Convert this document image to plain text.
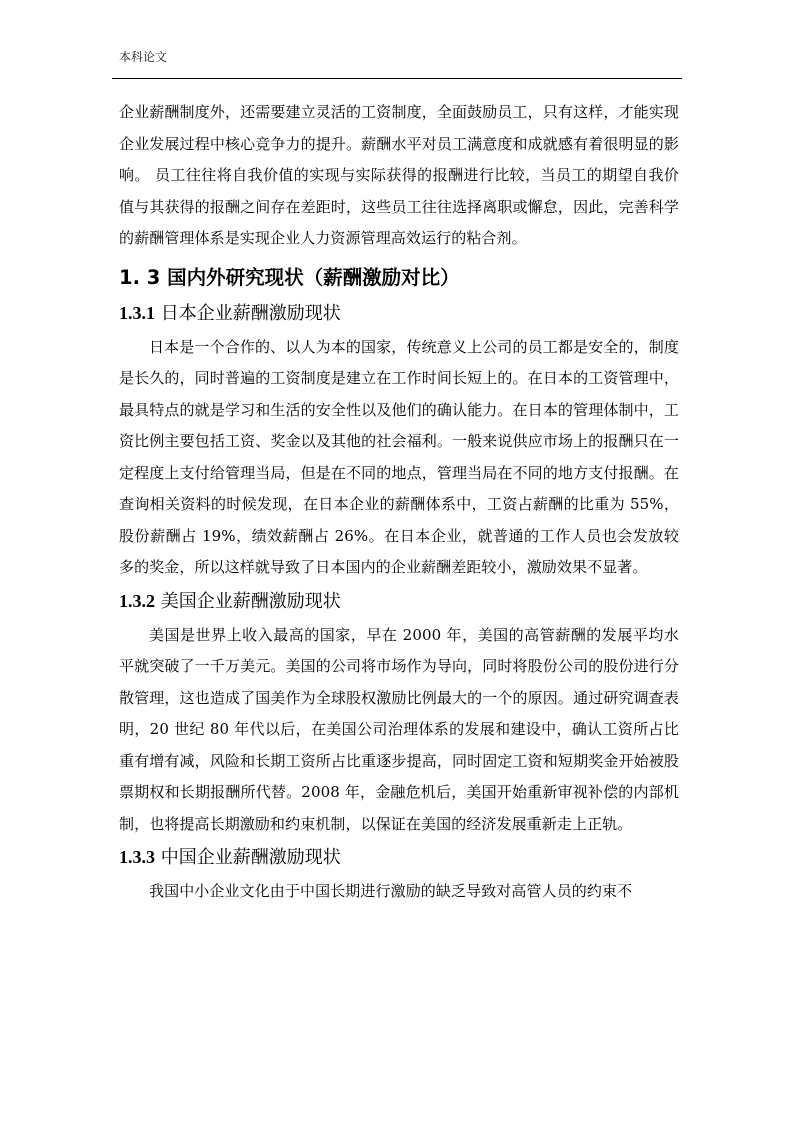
本科论文

企业薪酬制度外，还需要建立灵活的工资制度，全面鼓励员工，只有这样，才能实现企业发展过程中核心竞争力的提升。薪酬水平对员工满意度和成就感有着很明显的影响。 员工往往将自我价值的实现与实际获得的报酬进行比较，当员工的期望自我价值与其获得的报酬之间存在差距时，这些员工往往选择离职或懈怠，因此，完善科学的薪酬管理体系是实现企业人力资源管理高效运行的粘合剂。

1. 3 国内外研究现状（薪酬激励对比）
1.3.1 日本企业薪酬激励现状

日本是一个合作的、以人为本的国家，传统意义上公司的员工都是安全的，制度是长久的，同时普遍的工资制度是建立在工作时间长短上的。在日本的工资管理中，最具特点的就是学习和生活的安全性以及他们的确认能力。在日本的管理体制中，工资比例主要包括工资、奖金以及其他的社会福利。一般来说供应市场上的报酬只在一定程度上支付给管理当局，但是在不同的地点，管理当局在不同的地方支付报酬。在查询相关资料的时候发现，在日本企业的薪酬体系中，工资占薪酬的比重为 55%，股份薪酬占 19%，绩效薪酬占 26%。在日本企业，就普通的工作人员也会发放较多的奖金，所以这样就导致了日本国内的企业薪酬差距较小，激励效果不显著。

1.3.2 美国企业薪酬激励现状

美国是世界上收入最高的国家，早在 2000 年，美国的高管薪酬的发展平均水平就突破了一千万美元。美国的公司将市场作为导向，同时将股份公司的股份进行分散管理，这也造成了国美作为全球股权激励比例最大的一个的原因。通过研究调查表明，20 世纪 80 年代以后，在美国公司治理体系的发展和建设中，确认工资所占比重有增有减，风险和长期工资所占比重逐步提高，同时固定工资和短期奖金开始被股票期权和长期报酬所代替。2008 年，金融危机后，美国开始重新审视补偿的内部机制，也将提高长期激励和约束机制，以保证在美国的经济发展重新走上正轨。

1.3.3 中国企业薪酬激励现状

我国中小企业文化由于中国长期进行激励的缺乏导致对高管人员的约束不
